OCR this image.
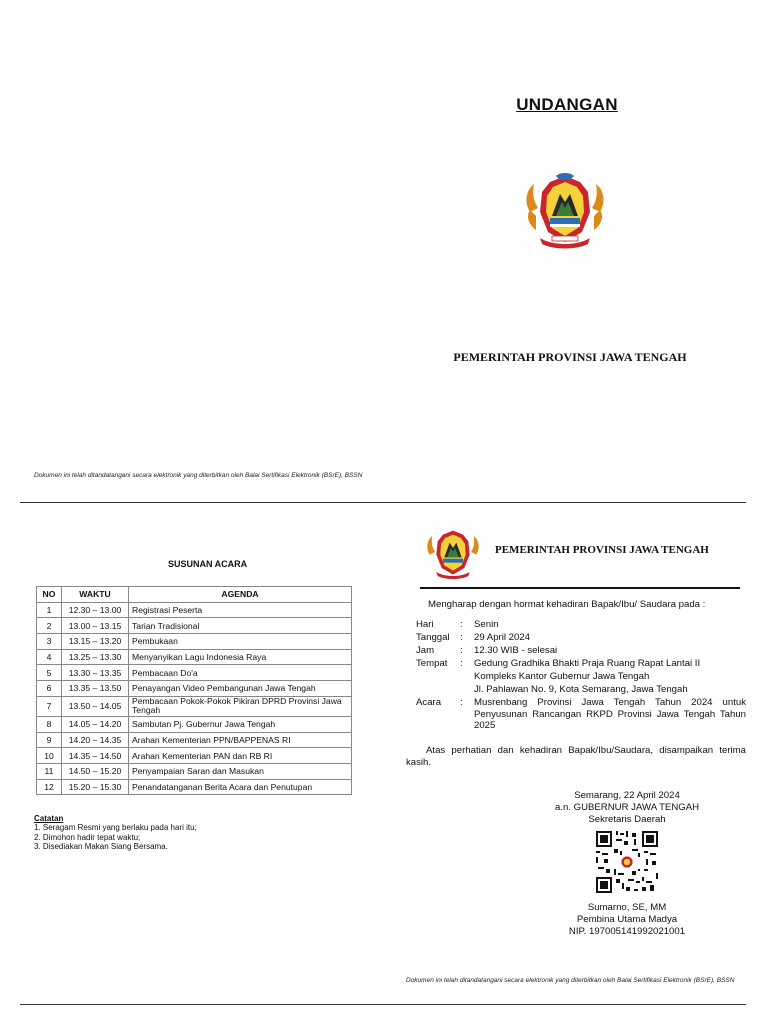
UNDANGAN
PEMERINTAH PROVINSI JAWA TENGAH
Dokumen ini telah ditandatangani secara elektronik yang diterbitkan oleh Balai Sertifikasi Elektronik (BSrE), BSSN
SUSUNAN ACARA
NO	WAKTU	AGENDA
1	12.30 – 13.00	Registrasi Peserta
2	13.00 – 13.15	Tarian Tradisional
3	13.15 – 13.20	Pembukaan
4	13.25 – 13.30	Menyanyikan Lagu Indonesia Raya
5	13.30 – 13.35	Pembacaan Do'a
6	13.35 – 13.50	Penayangan Video Pembangunan Jawa Tengah
7	13.50 – 14.05	Pembacaan Pokok-Pokok Pikiran DPRD Provinsi Jawa Tengah
8	14.05 – 14.20	Sambutan Pj. Gubernur Jawa Tengah
9	14.20 – 14.35	Arahan Kementerian PPN/BAPPENAS RI
10	14.35 – 14.50	Arahan Kementerian PAN dan RB RI
11	14.50 – 15.20	Penyampaian Saran dan Masukan
12	15.20 – 15.30	Penandatanganan Berita Acara dan Penutupan
Catatan
1. Seragam Resmi yang berlaku pada hari itu;
2. Dimohon hadir tepat waktu;
3. Disediakan Makan Siang Bersama.
PEMERINTAH PROVINSI JAWA TENGAH
Mengharap dengan hormat kehadiran Bapak/Ibu/ Saudara pada :
Hari	: Senin
Tanggal : 29 April 2024
Jam	: 12.30 WIB - selesai
Tempat : Gedung Gradhika Bhakti Praja Ruang Rapat Lantai II
Kompleks Kantor Gubernur Jawa Tengah
Jl. Pahlawan No. 9, Kota Semarang, Jawa Tengah
Acara : Musrenbang Provinsi Jawa Tengah Tahun 2024 untuk Penyusunan Rancangan RKPD Provinsi Jawa Tengah Tahun 2025
Atas perhatian dan kehadiran Bapak/Ibu/Saudara, disampaikan terima kasih.
Semarang, 22 April 2024
a.n. GUBERNUR JAWA TENGAH
Sekretaris Daerah
Sumarno, SE, MM
Pembina Utama Madya
NIP. 197005141992021001
Dokumen ini telah ditandatangani secara elektronik yang diterbitkan oleh Balai Sertifikasi Elektronik (BSrE), BSSN
